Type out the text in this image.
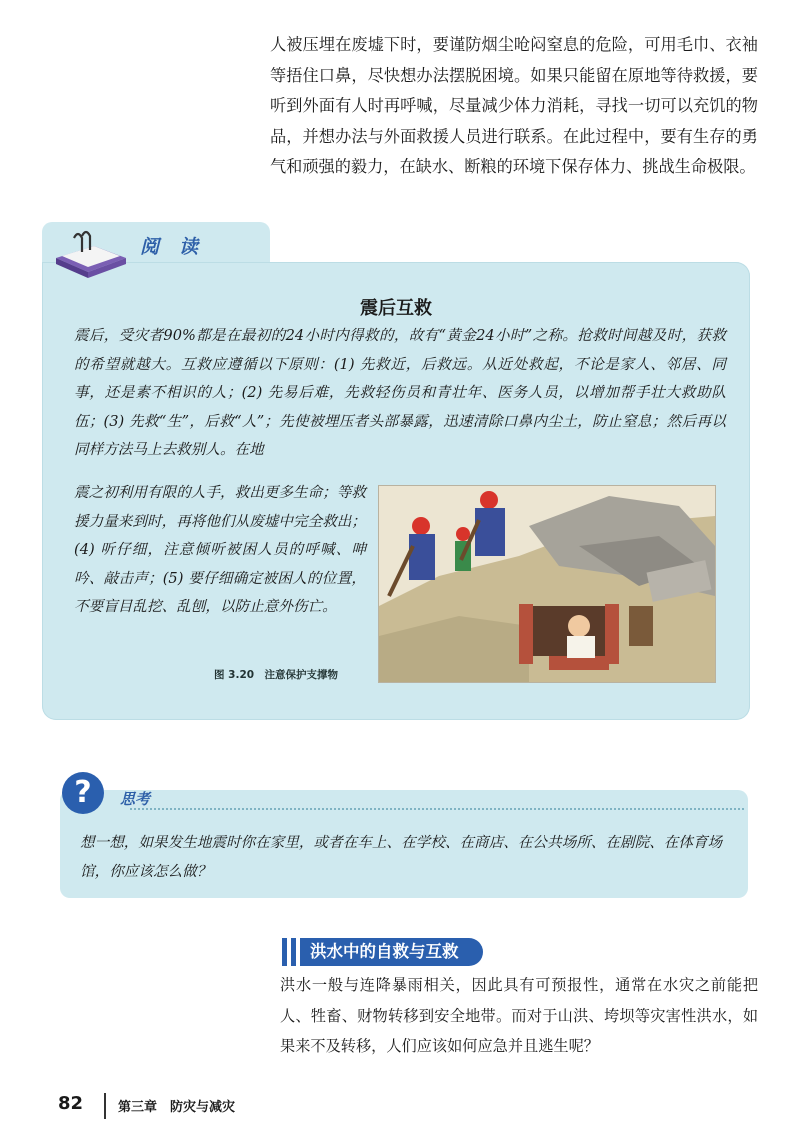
人被压埋在废墟下时，要谨防烟尘呛闷窒息的危险，可用毛巾、衣袖等捂住口鼻，尽快想办法摆脱困境。如果只能留在原地等待救援，要听到外面有人时再呼喊，尽量减少体力消耗，寻找一切可以充饥的物品，并想办法与外面救援人员进行联系。在此过程中，要有生存的勇气和顽强的毅力，在缺水、断粮的环境下保存体力、挑战生命极限。

阅读
震后互救

震后，受灾者90%都是在最初的24小时内得救的，故有“黄金24小时”之称。抢救时间越及时，获救的希望就越大。互救应遵循以下原则：(1) 先救近，后救远。从近处救起，不论是家人、邻居、同事，还是素不相识的人；(2) 先易后难，先救轻伤员和青壮年、医务人员，以增加帮手壮大救助队伍；(3) 先救“生”，后救“人”；先使被埋压者头部暴露，迅速清除口鼻内尘土，防止窒息；然后再以同样方法马上去救别人。在地

震之初利用有限的人手，救出更多生命；等救援力量来到时，再将他们从废墟中完全救出；(4) 听仔细，注意倾听被困人员的呼喊、呻吟、敲击声；(5) 要仔细确定被困人的位置，不要盲目乱挖、乱刨，以防止意外伤亡。

图 3.20　注意保护支撑物
?	思考

想一想，如果发生地震时你在家里，或者在车上、在学校、在商店、在公共场所、在剧院、在体育场馆，你应该怎么做？

洪水中的自救与互救

洪水一般与连降暴雨相关，因此具有可预报性，通常在水灾之前能把人、牲畜、财物转移到安全地带。而对于山洪、垮坝等灾害性洪水，如果来不及转移，人们应该如何应急并且逃生呢？

82	第三章　防灾与减灾
